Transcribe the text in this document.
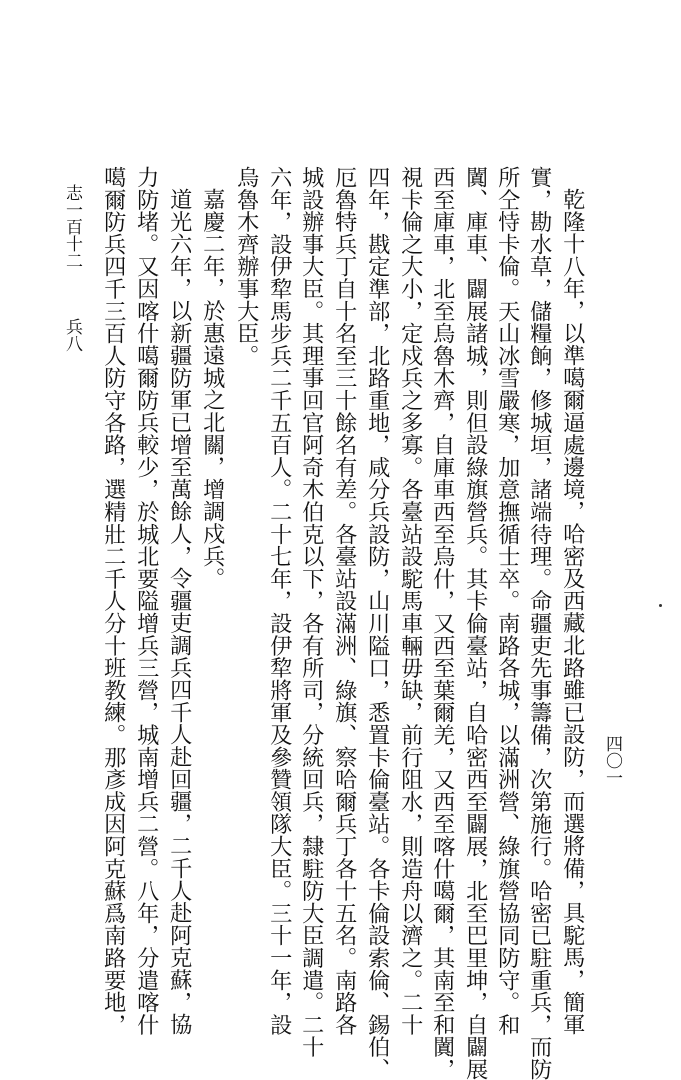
乾隆十八年，以準噶爾逼處邊境，哈密及西藏北路雖已設防，而選將備，具駝馬，簡軍
實，勘水草，儲糧餉，修城垣，諸端待理。命疆吏先事籌備，次第施行。哈密已駐重兵，而防
所仝恃卡倫。天山冰雪嚴寒，加意撫循士卒。南路各城，以滿洲營、綠旗營協同防守。和
闐、庫車、闢展諸城，則但設綠旗營兵。其卡倫臺站，自哈密西至闢展，北至巴里坤，自闢展
西至庫車，北至烏魯木齊，自庫車西至烏什，又西至葉爾羌，又西至喀什噶爾，其南至和闐，
視卡倫之大小，定戍兵之多寡。各臺站設駝馬車輛毋缺，前行阻水，則造舟以濟之。二十
四年，戡定準部，北路重地，咸分兵設防，山川隘口，悉置卡倫臺站。各卡倫設索倫、錫伯、
厄魯特兵丁自十名至三十餘名有差。各臺站設滿洲、綠旗、察哈爾兵丁各十五名。南路各
城設辦事大臣。其理事回官阿奇木伯克以下，各有所司，分統回兵，隸駐防大臣調遣。二十
六年，設伊犂馬步兵二千五百人。二十七年，設伊犂將軍及參贊領隊大臣。三十一年，設
烏魯木齊辦事大臣。
嘉慶二年，於惠遠城之北關，增調戍兵。
道光六年，以新疆防軍已增至萬餘人，令疆吏調兵四千人赴回疆，二千人赴阿克蘇，協
力防堵。又因喀什噶爾防兵較少，於城北要隘增兵三營，城南增兵二營。八年，分遣喀什
噶爾防兵四千三百人防守各路，選精壯二千人分十班教練。那彥成因阿克蘇爲南路要地，
志一百十二
兵八
四〇一
